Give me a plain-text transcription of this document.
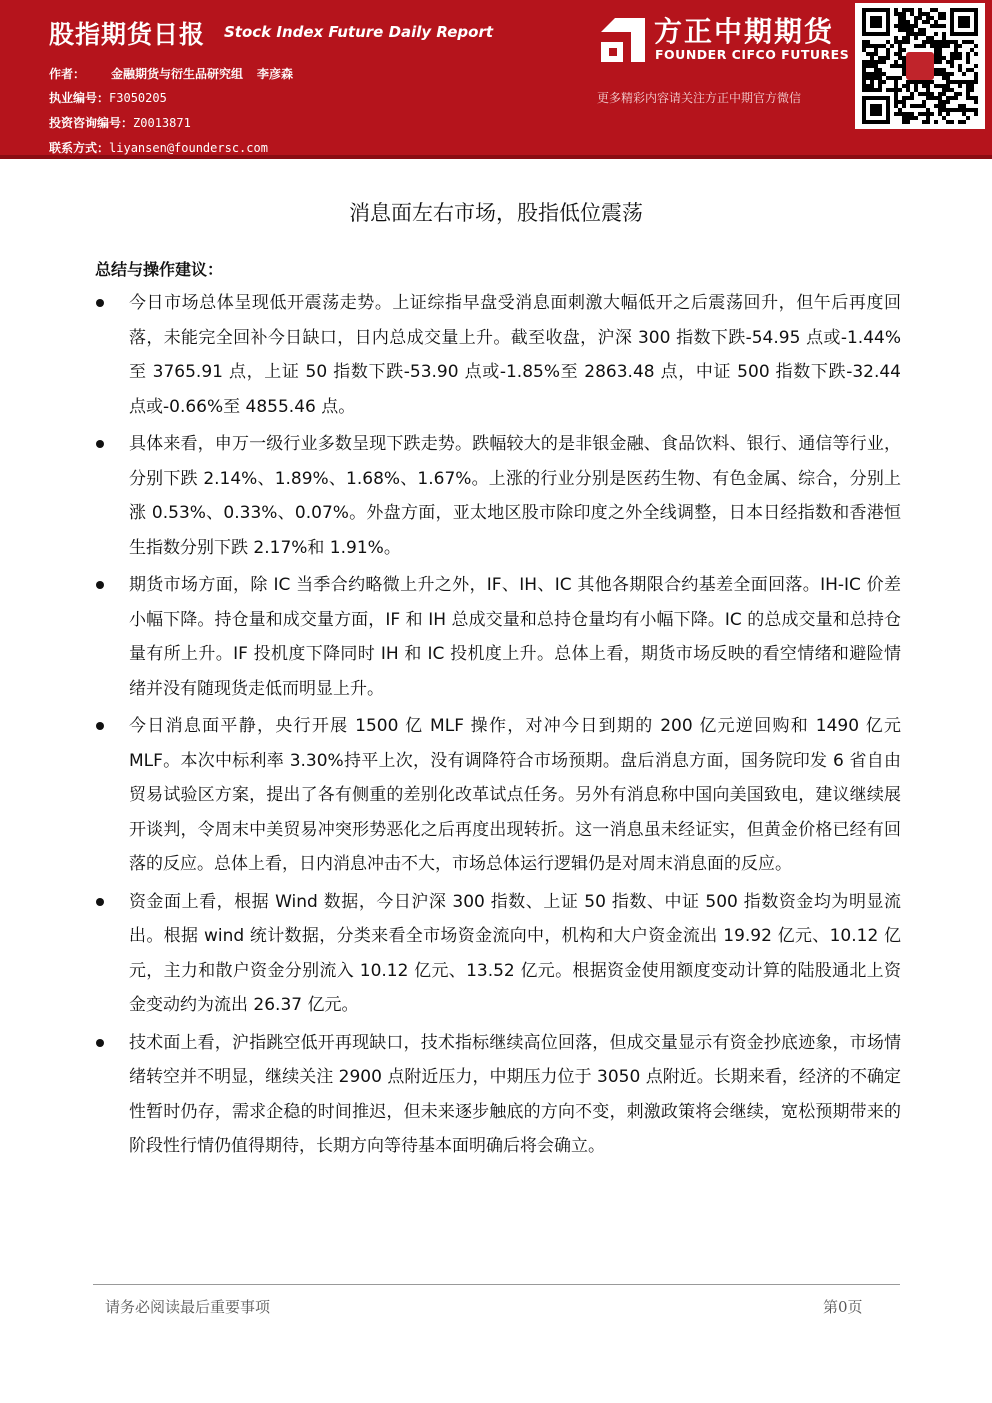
股指期货日报 Stock Index Future Daily Report
作者： 金融期货与衍生品研究组 李彦森
执业编号：F3050205
投资咨询编号：Z0013871
联系方式：liyansen@foundersc.com
方正中期期货
FOUNDER CIFCO FUTURES
更多精彩内容请关注方正中期官方微信
消息面左右市场，股指低位震荡
总结与操作建议：
今日市场总体呈现低开震荡走势。上证综指早盘受消息面刺激大幅低开之后震荡回升，但午后再度回落，未能完全回补今日缺口，日内总成交量上升。截至收盘，沪深 300 指数下跌-54.95 点或-1.44%至 3765.91 点，上证 50 指数下跌-53.90 点或-1.85%至 2863.48 点，中证 500 指数下跌-32.44 点或-0.66%至 4855.46 点。
具体来看，申万一级行业多数呈现下跌走势。跌幅较大的是非银金融、食品饮料、银行、通信等行业，分别下跌 2.14%、1.89%、1.68%、1.67%。上涨的行业分别是医药生物、有色金属、综合，分别上涨 0.53%、0.33%、0.07%。外盘方面，亚太地区股市除印度之外全线调整，日本日经指数和香港恒生指数分别下跌 2.17%和 1.91%。
期货市场方面，除 IC 当季合约略微上升之外，IF、IH、IC 其他各期限合约基差全面回落。IH-IC 价差小幅下降。持仓量和成交量方面，IF 和 IH 总成交量和总持仓量均有小幅下降。IC 的总成交量和总持仓量有所上升。IF 投机度下降同时 IH 和 IC 投机度上升。总体上看，期货市场反映的看空情绪和避险情绪并没有随现货走低而明显上升。
今日消息面平静，央行开展 1500 亿 MLF 操作，对冲今日到期的 200 亿元逆回购和 1490 亿元 MLF。本次中标利率 3.30%持平上次，没有调降符合市场预期。盘后消息方面，国务院印发 6 省自由贸易试验区方案，提出了各有侧重的差别化改革试点任务。另外有消息称中国向美国致电，建议继续展开谈判，令周末中美贸易冲突形势恶化之后再度出现转折。这一消息虽未经证实，但黄金价格已经有回落的反应。总体上看，日内消息冲击不大，市场总体运行逻辑仍是对周末消息面的反应。
资金面上看，根据 Wind 数据，今日沪深 300 指数、上证 50 指数、中证 500 指数资金均为明显流出。根据 wind 统计数据，分类来看全市场资金流向中，机构和大户资金流出 19.92 亿元、10.12 亿元，主力和散户资金分别流入 10.12 亿元、13.52 亿元。根据资金使用额度变动计算的陆股通北上资金变动约为流出 26.37 亿元。
技术面上看，沪指跳空低开再现缺口，技术指标继续高位回落，但成交量显示有资金抄底迹象，市场情绪转空并不明显，继续关注 2900 点附近压力，中期压力位于 3050 点附近。长期来看，经济的不确定性暂时仍存，需求企稳的时间推迟，但未来逐步触底的方向不变，刺激政策将会继续，宽松预期带来的阶段性行情仍值得期待，长期方向等待基本面明确后将会确立。
请务必阅读最后重要事项	第0页
